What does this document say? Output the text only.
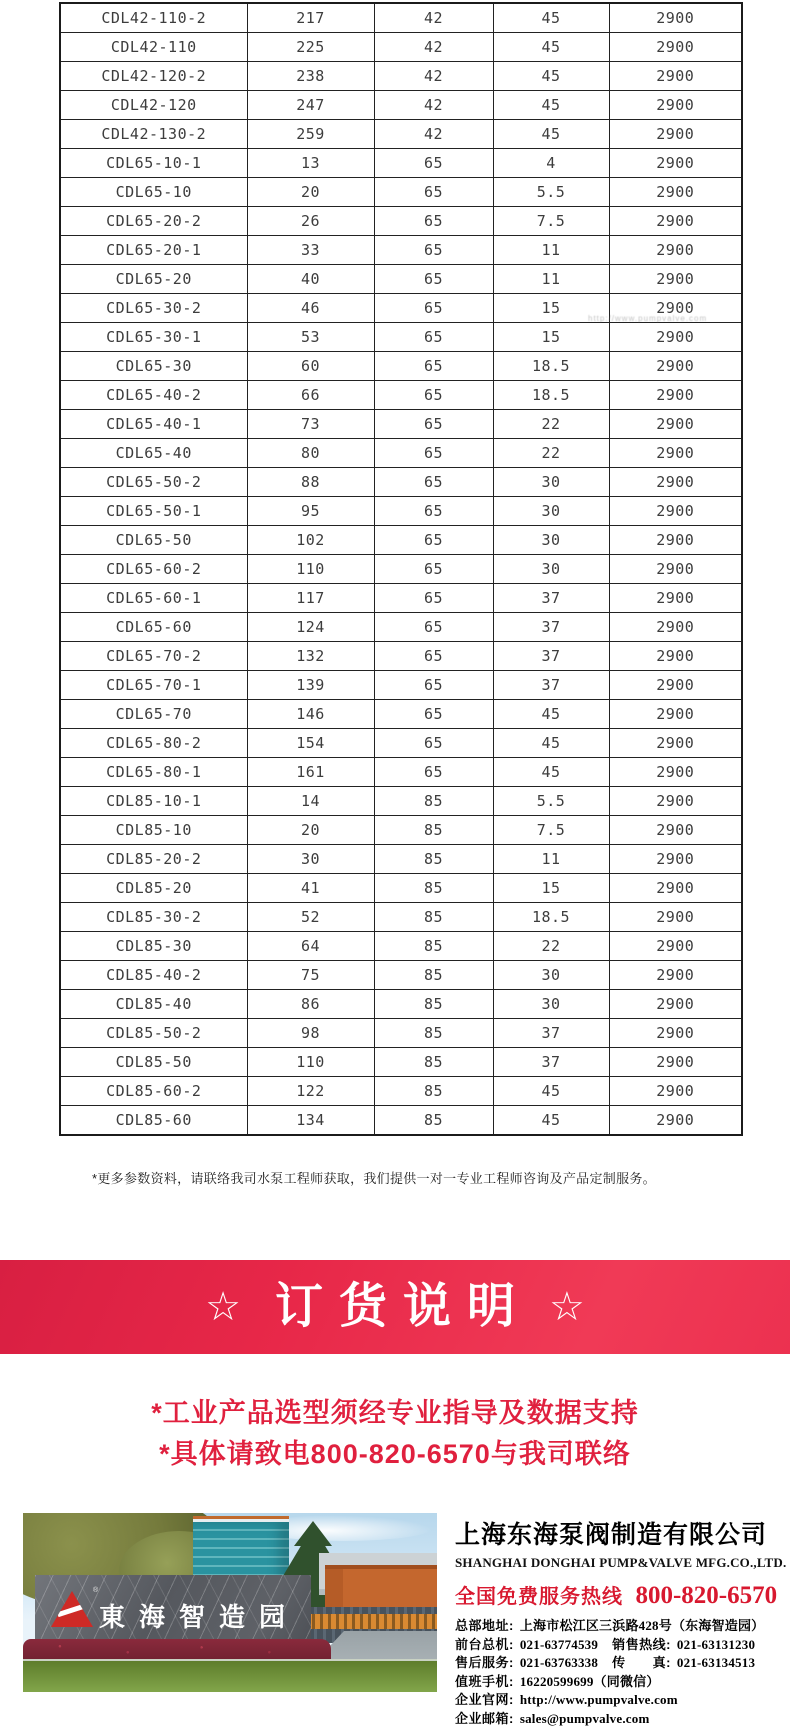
CDL42-110-2	217	42	45	2900
CDL42-110	225	42	45	2900
CDL42-120-2	238	42	45	2900
CDL42-120	247	42	45	2900
CDL42-130-2	259	42	45	2900
CDL65-10-1	13	65	4	2900
CDL65-10	20	65	5.5	2900
CDL65-20-2	26	65	7.5	2900
CDL65-20-1	33	65	11	2900
CDL65-20	40	65	11	2900
CDL65-30-2	46	65	15	2900
CDL65-30-1	53	65	15	2900
CDL65-30	60	65	18.5	2900
CDL65-40-2	66	65	18.5	2900
CDL65-40-1	73	65	22	2900
CDL65-40	80	65	22	2900
CDL65-50-2	88	65	30	2900
CDL65-50-1	95	65	30	2900
CDL65-50	102	65	30	2900
CDL65-60-2	110	65	30	2900
CDL65-60-1	117	65	37	2900
CDL65-60	124	65	37	2900
CDL65-70-2	132	65	37	2900
CDL65-70-1	139	65	37	2900
CDL65-70	146	65	45	2900
CDL65-80-2	154	65	45	2900
CDL65-80-1	161	65	45	2900
CDL85-10-1	14	85	5.5	2900
CDL85-10	20	85	7.5	2900
CDL85-20-2	30	85	11	2900
CDL85-20	41	85	15	2900
CDL85-30-2	52	85	18.5	2900
CDL85-30	64	85	22	2900
CDL85-40-2	75	85	30	2900
CDL85-40	86	85	30	2900
CDL85-50-2	98	85	37	2900
CDL85-50	110	85	37	2900
CDL85-60-2	122	85	45	2900
CDL85-60	134	85	45	2900
http://www.pumpvalve.com
*更多参数资料，请联络我司水泵工程师获取，我们提供一对一专业工程师咨询及产品定制服务。
☆ 订货说明 ☆
*工业产品选型须经专业指导及数据支持
*具体请致电800-820-6570与我司联络
®
東海智造园
上海东海泵阀制造有限公司
SHANGHAI DONGHAI PUMP&VALVE MFG.CO.,LTD.
全国免费服务热线 800-820-6570
总部地址: 上海市松江区三浜路428号（东海智造园）
前台总机: 021-63774539 销售热线: 021-63131230
售后服务: 021-63763338 传　　真: 021-63134513
值班手机: 16220599699（同微信）
企业官网: http://www.pumpvalve.com
企业邮箱: sales@pumpvalve.com
